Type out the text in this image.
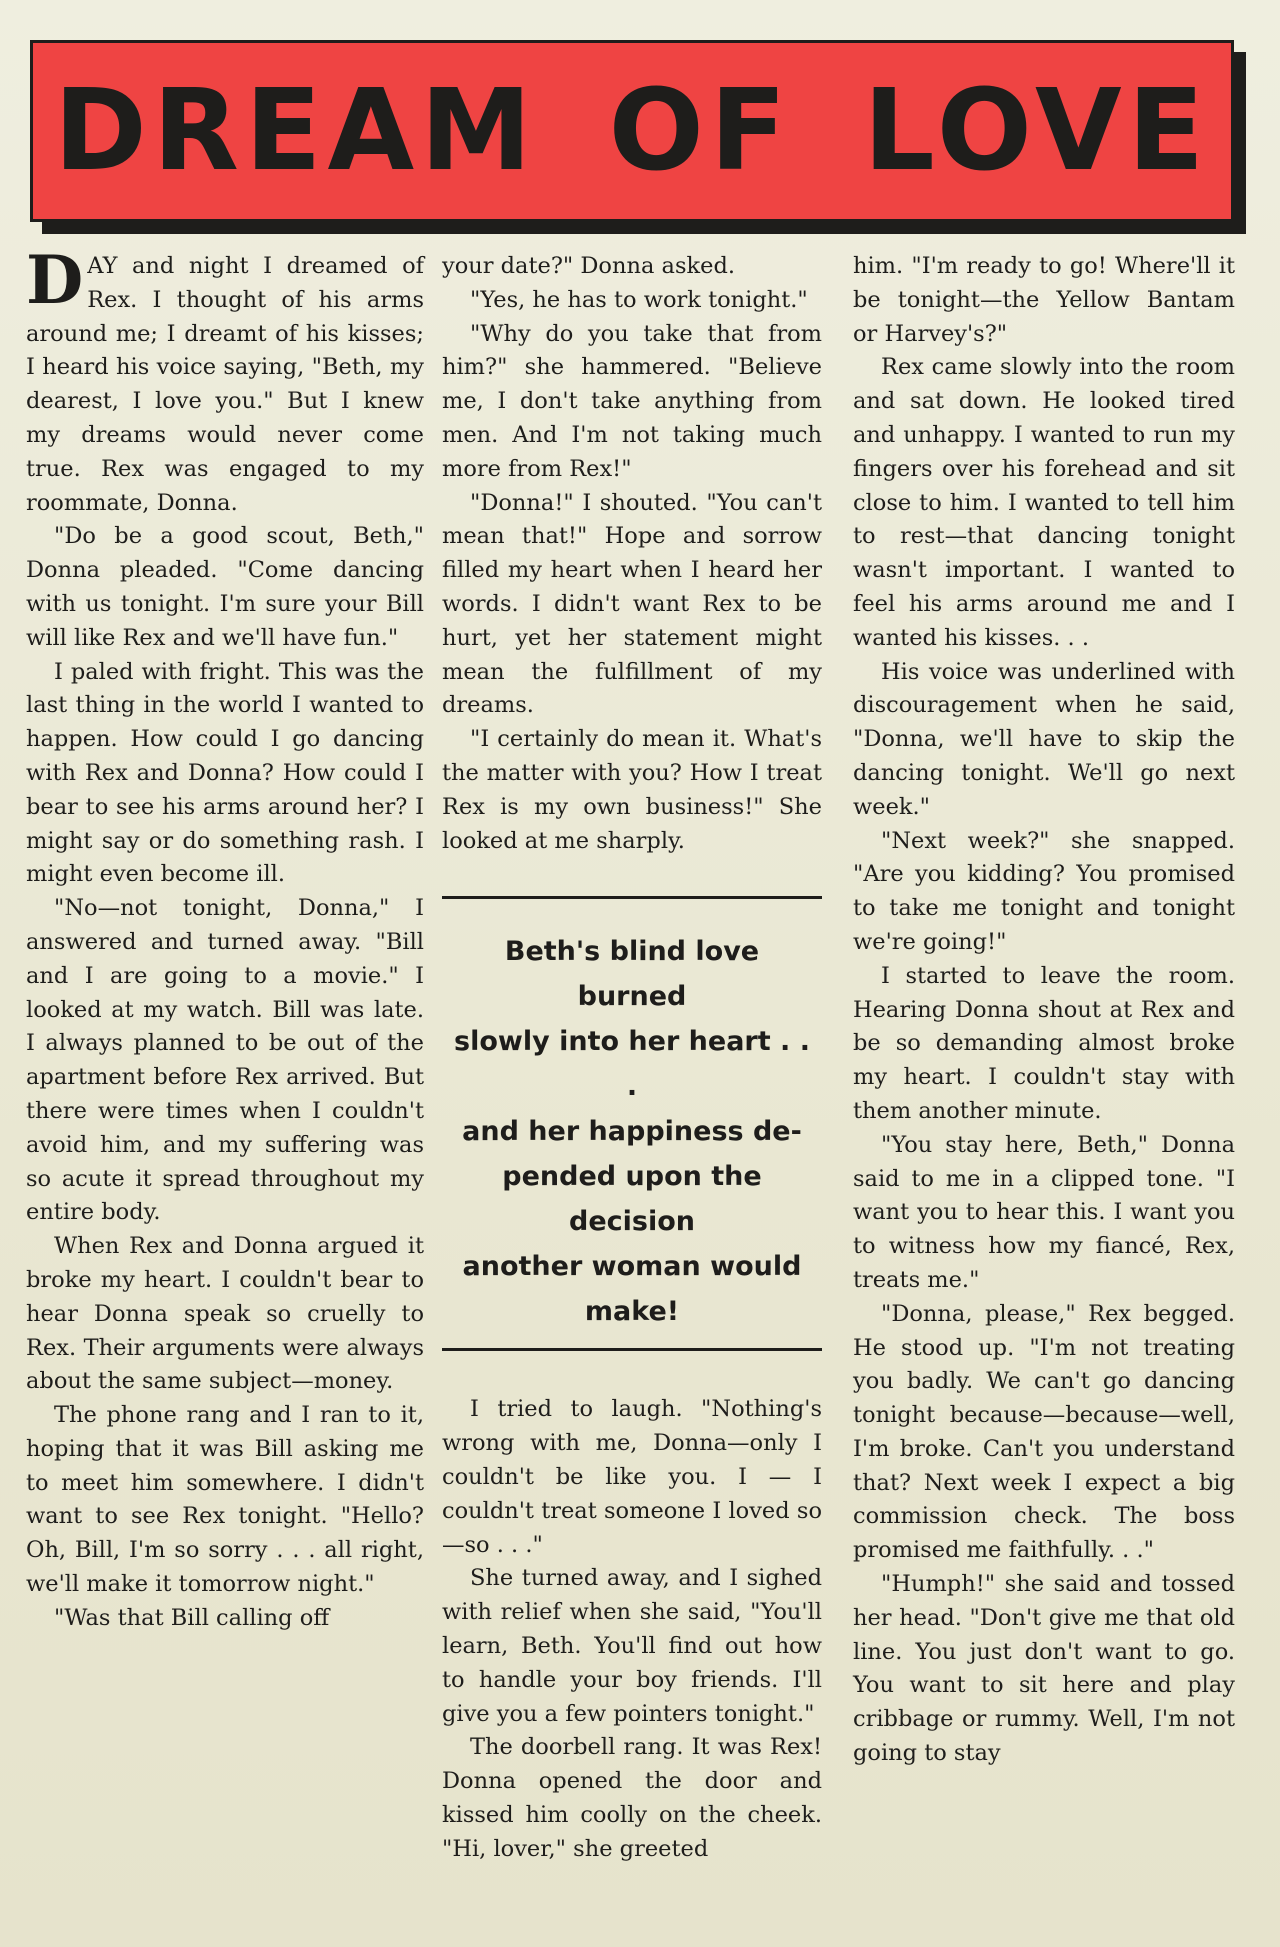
DREAM OF LOVE

DAY and night I dreamed of Rex. I thought of his arms around me; I dreamt of his kisses; I heard his voice saying, "Beth, my dearest, I love you." But I knew my dreams would never come true. Rex was engaged to my roommate, Donna.

"Do be a good scout, Beth," Donna pleaded. "Come dancing with us tonight. I'm sure your Bill will like Rex and we'll have fun."

I paled with fright. This was the last thing in the world I wanted to happen. How could I go dancing with Rex and Donna? How could I bear to see his arms around her? I might say or do something rash. I might even become ill.

"No—not tonight, Donna," I answered and turned away. "Bill and I are going to a movie." I looked at my watch. Bill was late. I always planned to be out of the apartment before Rex arrived. But there were times when I couldn't avoid him, and my suffering was so acute it spread throughout my entire body.

When Rex and Donna argued it broke my heart. I couldn't bear to hear Donna speak so cruelly to Rex. Their arguments were always about the same subject—money.

The phone rang and I ran to it, hoping that it was Bill asking me to meet him somewhere. I didn't want to see Rex tonight. "Hello? Oh, Bill, I'm so sorry . . . all right, we'll make it tomorrow night."

"Was that Bill calling off

your date?" Donna asked.

"Yes, he has to work tonight."

"Why do you take that from him?" she hammered. "Believe me, I don't take anything from men. And I'm not taking much more from Rex!"

"Donna!" I shouted. "You can't mean that!" Hope and sorrow filled my heart when I heard her words. I didn't want Rex to be hurt, yet her statement might mean the fulfillment of my dreams.

"I certainly do mean it. What's the matter with you? How I treat Rex is my own business!" She looked at me sharply.

Beth's blind love burned
slowly into her heart . . .
and her happiness de-
pended upon the decision
another woman would
make!

I tried to laugh. "Nothing's wrong with me, Donna—only I couldn't be like you. I — I couldn't treat someone I loved so—so . . ."

She turned away, and I sighed with relief when she said, "You'll learn, Beth. You'll find out how to handle your boy friends. I'll give you a few pointers tonight."

The doorbell rang. It was Rex! Donna opened the door and kissed him coolly on the cheek. "Hi, lover," she greeted

him. "I'm ready to go! Where'll it be tonight—the Yellow Bantam or Harvey's?"

Rex came slowly into the room and sat down. He looked tired and unhappy. I wanted to run my fingers over his forehead and sit close to him. I wanted to tell him to rest—that dancing tonight wasn't important. I wanted to feel his arms around me and I wanted his kisses. . .

His voice was underlined with discouragement when he said, "Donna, we'll have to skip the dancing tonight. We'll go next week."

"Next week?" she snapped. "Are you kidding? You promised to take me tonight and tonight we're going!"

I started to leave the room. Hearing Donna shout at Rex and be so demanding almost broke my heart. I couldn't stay with them another minute.

"You stay here, Beth," Donna said to me in a clipped tone. "I want you to hear this. I want you to witness how my fiancé, Rex, treats me."

"Donna, please," Rex begged. He stood up. "I'm not treating you badly. We can't go dancing tonight because—because—well, I'm broke. Can't you understand that? Next week I expect a big commission check. The boss promised me faithfully. . ."

"Humph!" she said and tossed her head. "Don't give me that old line. You just don't want to go. You want to sit here and play cribbage or rummy. Well, I'm not going to stay
